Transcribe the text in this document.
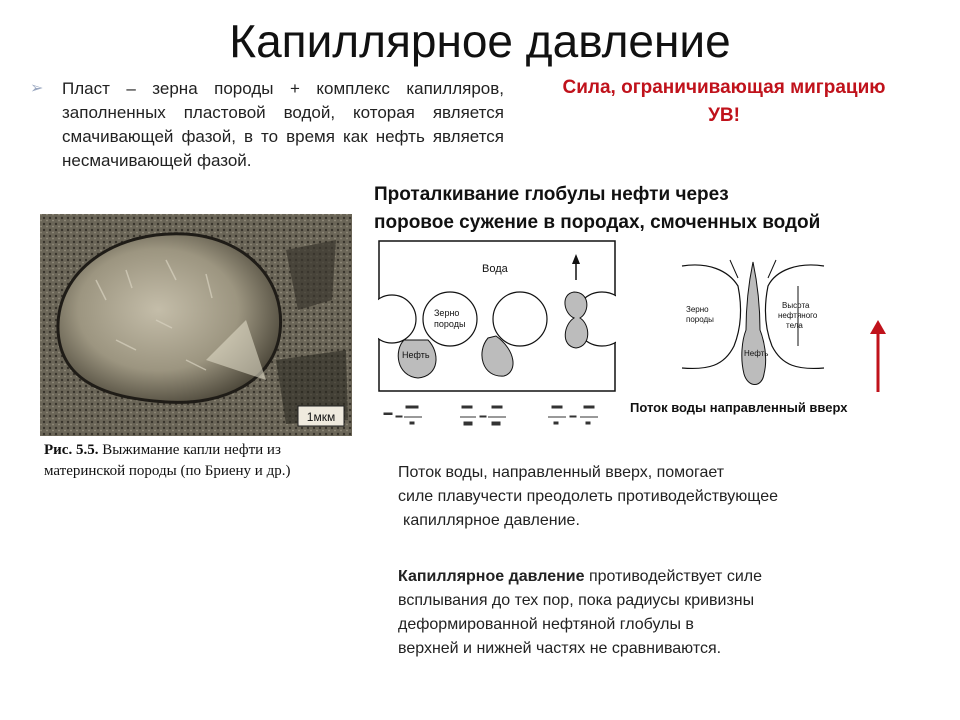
Капиллярное давление
➢ Пласт – зерна породы + комплекс капилляров, заполненных пластовой водой, которая является смачивающей фазой, в то время как нефть является несмачивающей фазой.
Сила, ограничивающая миграцию
УВ!
Проталкивание глобулы нефти через
поровое сужение в породах, смоченных водой
1мкм
Рис. 5.5. Выжимание капли нефти из материнской породы (по Бриену и др.)
Вода
Зерно
породы
Нефть
Зерно
породы
Высота
нефтяного
тела
Нефть
Поток воды направленный вверх
Поток воды, направленный вверх, помогает
силе плавучести преодолеть противодействующее
капиллярное давление.
Капиллярное давление противодействует силе
всплывания до тех пор, пока радиусы кривизны
деформированной нефтяной глобулы в
верхней и нижней частях не сравниваются.
